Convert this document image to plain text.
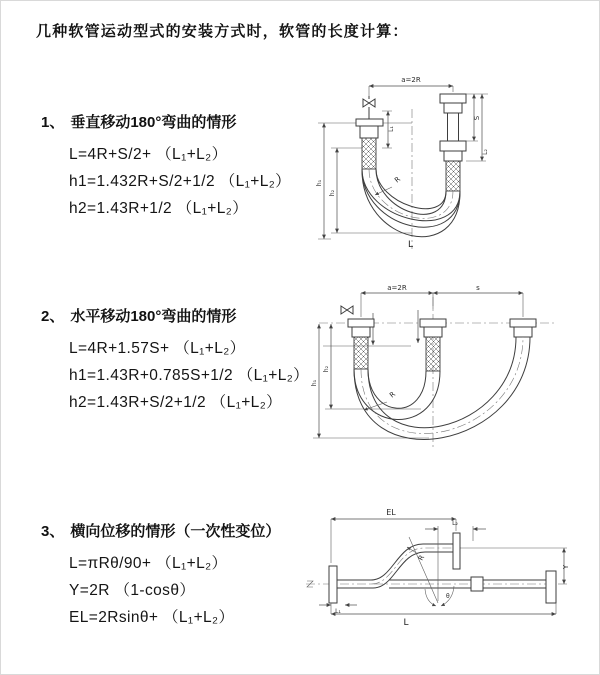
几种软管运动型式的安装方式时，软管的长度计算：
1、 垂直移动180°弯曲的情形
L=4R+S/2+ （L₁+L₂）
h1=1.432R+S/2+1/2 （L₁+L₂）
h2=1.43R+1/2 （L₁+L₂）
a=2R
L₁
S
L₂
h₁
h₂
R
L
2、 水平移动180°弯曲的情形
L=4R+1.57S+ （L₁+L₂）
h1=1.43R+0.785S+1/2 （L₁+L₂）
h2=1.43R+S/2+1/2 （L₁+L₂）
a=2R	s
h₁
h₂
R
3、 横向位移的情形（一次性变位）
L=πRθ/90+ （L₁+L₂）
Y=2R （1-cosθ）
EL=2Rsinθ+ （L₁+L₂）
EL
L₂
Y
L
L₁
θ
R
